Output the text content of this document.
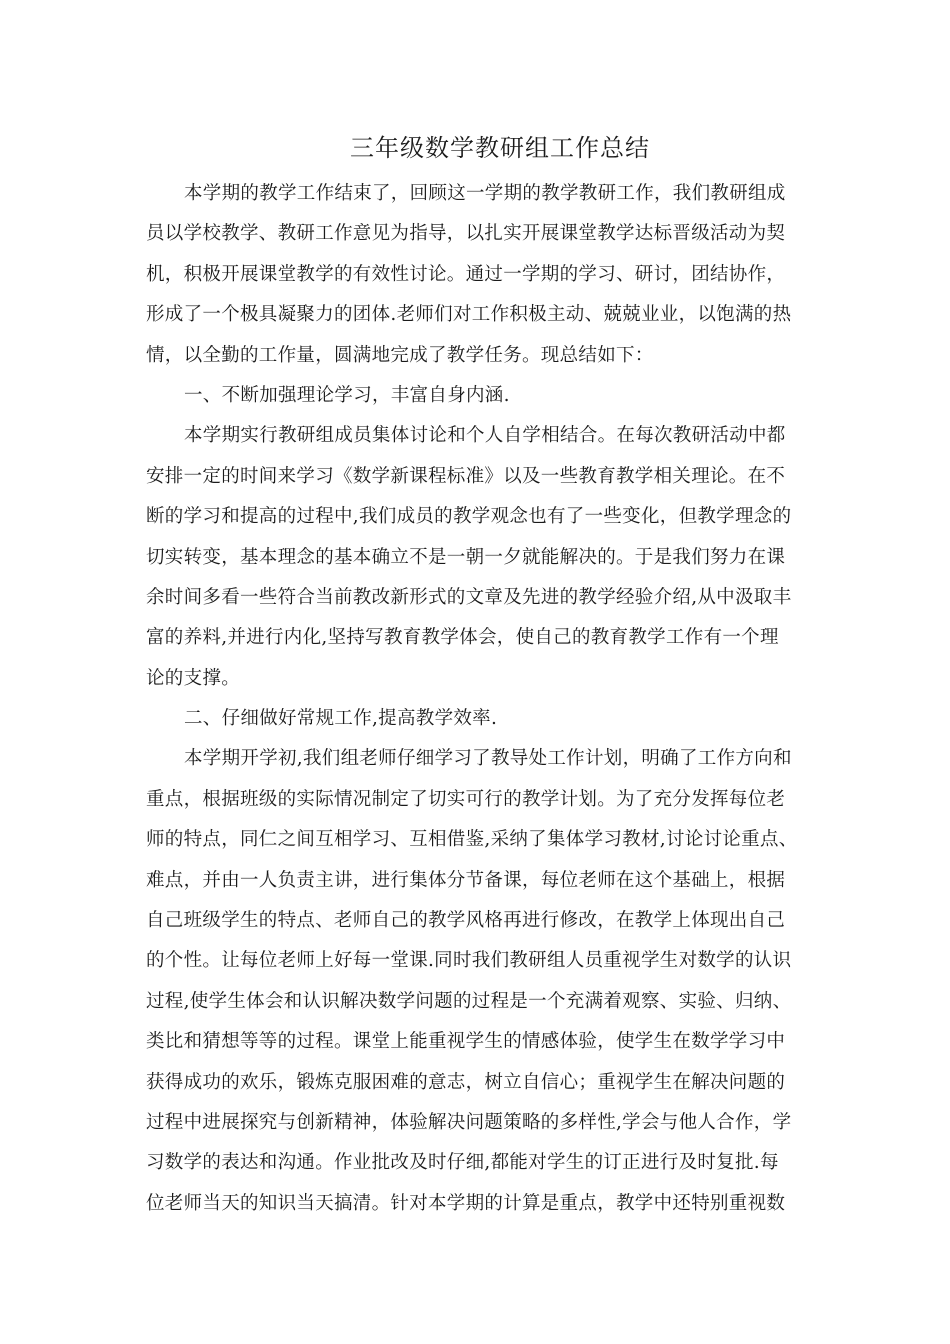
三年级数学教研组工作总结
本学期的教学工作结束了，回顾这一学期的教学教研工作，我们教研组成
员以学校教学、教研工作意见为指导，以扎实开展课堂教学达标晋级活动为契
机，积极开展课堂教学的有效性讨论。通过一学期的学习、研讨，团结协作，
形成了一个极具凝聚力的团体.老师们对工作积极主动、兢兢业业，以饱满的热
情，以全勤的工作量，圆满地完成了教学任务。现总结如下：
一、不断加强理论学习，丰富自身内涵.
本学期实行教研组成员集体讨论和个人自学相结合。在每次教研活动中都
安排一定的时间来学习《数学新课程标准》以及一些教育教学相关理论。在不
断的学习和提高的过程中,我们成员的教学观念也有了一些变化，但教学理念的
切实转变，基本理念的基本确立不是一朝一夕就能解决的。于是我们努力在课
余时间多看一些符合当前教改新形式的文章及先进的教学经验介绍,从中汲取丰
富的养料,并进行内化,坚持写教育教学体会，使自己的教育教学工作有一个理
论的支撑。
二、仔细做好常规工作,提高教学效率.
本学期开学初,我们组老师仔细学习了教导处工作计划，明确了工作方向和
重点，根据班级的实际情况制定了切实可行的教学计划。为了充分发挥每位老
师的特点，同仁之间互相学习、互相借鉴,采纳了集体学习教材,讨论讨论重点、
难点，并由一人负责主讲，进行集体分节备课，每位老师在这个基础上，根据
自己班级学生的特点、老师自己的教学风格再进行修改，在教学上体现出自己
的个性。让每位老师上好每一堂课.同时我们教研组人员重视学生对数学的认识
过程,使学生体会和认识解决数学问题的过程是一个充满着观察、实验、归纳、
类比和猜想等等的过程。课堂上能重视学生的情感体验，使学生在数学学习中
获得成功的欢乐，锻炼克服困难的意志，树立自信心；重视学生在解决问题的
过程中进展探究与创新精神，体验解决问题策略的多样性,学会与他人合作，学
习数学的表达和沟通。作业批改及时仔细,都能对学生的订正进行及时复批.每
位老师当天的知识当天搞清。针对本学期的计算是重点，教学中还特别重视数
